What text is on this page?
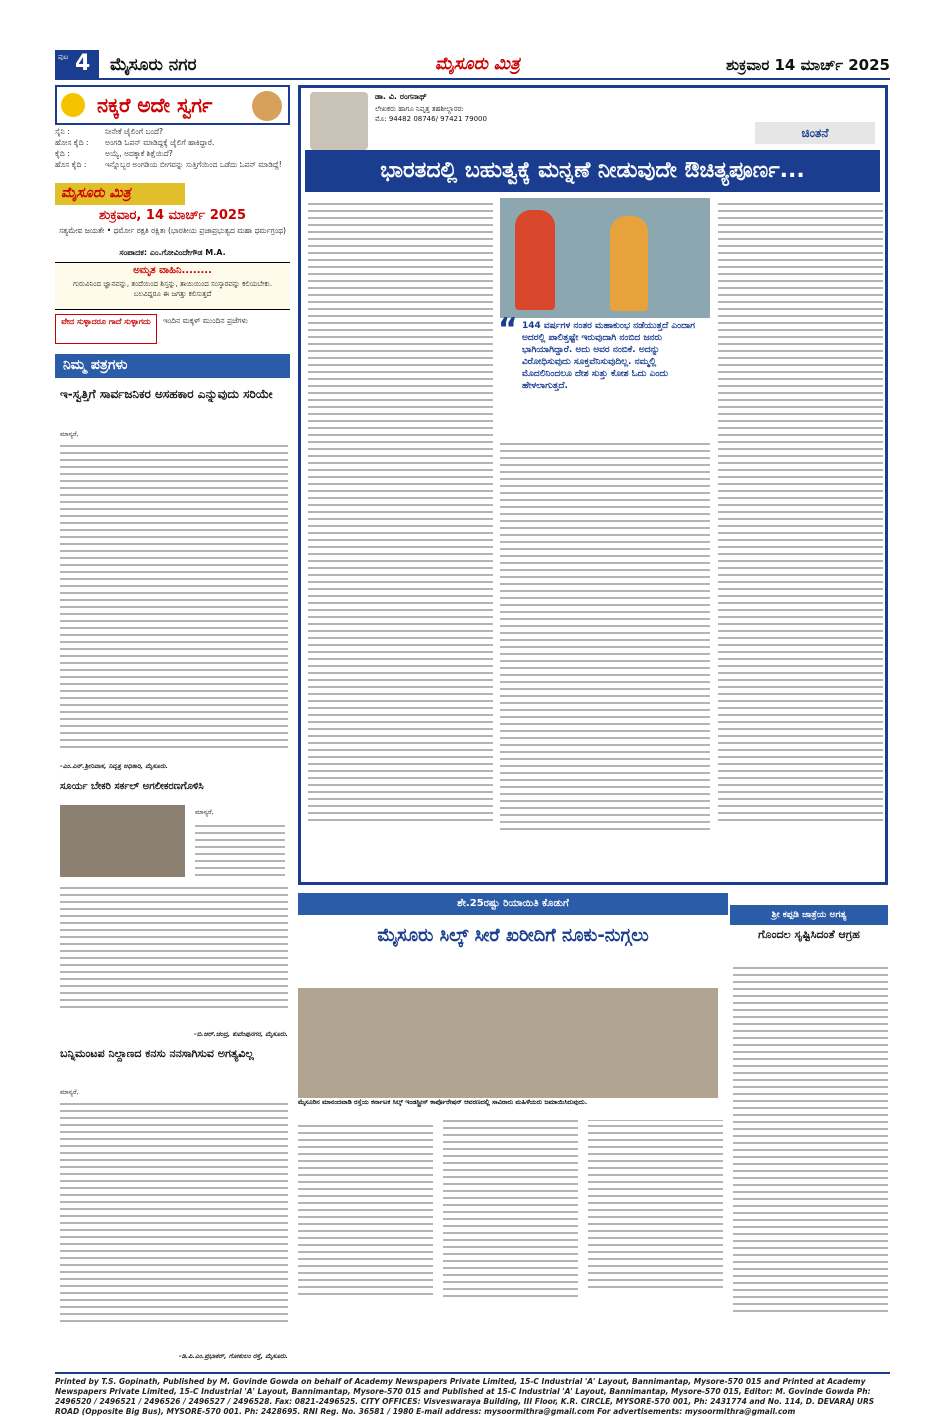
ಪುಟ 4 ಮೈಸೂರು ನಗರ	ಮೈಸೂರು ಮಿತ್ರ	ಶುಕ್ರವಾರ 14 ಮಾರ್ಚ್ 2025
ನಕ್ಕರೆ ಅದೇ ಸ್ವರ್ಗ
ಸೈನಿ :	ನೀನೇಕೆ ಜೈಲಿಂಗೆ ಬಂದೆ?
ಹೋಸ ಕೈದಿ :	ಅಂಗಡಿ ಓಪನ್ ಮಾಡಿದ್ದಕ್ಕೆ ಜೈಲಿಗೆ ಹಾಕಿದ್ದಾರೆ.
ಕೈದಿ :	ಅಯ್ಯೆ, ಅದಕ್ಕಾಕೆ ಶಿಕ್ಷೆಯಿದೆ?
ಹೊಸ ಕೈದಿ :	ಇನ್ನೊಬ್ಬರ ಅಂಗಡಿಯ ಬೀಗವನ್ನು ಸುತ್ತಿಗೆಯಿಂದ ಒಡೆದು ಓಪನ್ ಮಾಡಿದ್ದೆ!
ಮೈಸೂರು ಮಿತ್ರ
ಶುಕ್ರವಾರ, 14 ಮಾರ್ಚ್ 2025
ಸತ್ಯಮೇವ ಜಯತೇ • ಧರ್ಮೋ ರಕ್ಷತಿ ರಕ್ಷಿತಃ (ಭಾರತೀಯ ಪ್ರಜಾಪ್ರಭುತ್ವದ ಮಹಾ ಧರ್ಮಗ್ರಂಥ)
ಸಂಪಾದಕ: ಎಂ.ಗೋವಿಂದೇಗೌಡ M.A.
ಅಮೃತ ವಾಹಿನಿ........
ಗುರುವಿನಿಂದ ಜ್ಞಾನವನ್ನು, ತಂದೆಯಿಂದ ಶಿಸ್ತನ್ನು, ತಾಯಿಯಿಂದ ಸಂಸ್ಕಾರವನ್ನು ಕಲಿಯಬೇಕು. ಬಲವಿದ್ದರೂ ಈ ಜಗತ್ತು ಕಲಿಸುತ್ತದೆ
ವೇದ ಸುಳ್ಳಾದರೂ ಗಾದೆ ಸುಳ್ಳಾಗದು	ಇಂದಿನ ಮಕ್ಕಳ್ ಮುಂದಿನ ಪ್ರಜೆಗಳು
ನಿಮ್ಮ ಪತ್ರಗಳು
ಇ-ಸ್ವತ್ತಿಗೆ ಸಾರ್ವಜನಿಕರ ಅಸಹಕಾರ ಎನ್ನುವುದು ಸರಿಯೇ
ಮಾನ್ಯರೆ,
-ಎಂ.ಎನ್.ಶ್ರೀನಿವಾಸ, ನಿವೃತ್ತ ಅಧಿಕಾರಿ, ಮೈಸೂರು.
ಸೂರ್ಯ ಬೇಕರಿ ಸರ್ಕಲ್ ಅಗಲೀಕರಣಗೊಳಿಸಿ
ಮಾನ್ಯರೆ,
-ಬಿ.ಆರ್.ಚಂದ್ರ, ಕುವೆಂಪುನಗರ, ಮೈಸೂರು.
ಬನ್ನಿಮಂಟಪ ನಿಲ್ದಾಣದ ಕನಸು ನನಸಾಗಿಸುವ ಅಗತ್ಯವಿಲ್ಲ
ಮಾನ್ಯರೆ,
-ಡಿ.ಪಿ.ಎಂ.ಪ್ರಭಾಕರ್, ಗೋಕುಲಂ ರಸ್ತೆ, ಮೈಸೂರು.
ಡಾ. ವಿ. ರಂಗನಾಥ್
ಲೇಖಕರು ಹಾಗೂ ನಿವೃತ್ತ ತಹಶೀಲ್ದಾರರು
ಮೊ: 94482 08746/ 97421 79000
ಚಿಂತನೆ
ಭಾರತದಲ್ಲಿ ಬಹುತ್ವಕ್ಕೆ ಮನ್ನಣೆ ನೀಡುವುದೇ ಔಚಿತ್ಯಪೂರ್ಣ...
“ 144 ವರ್ಷಗಳ ನಂತರ ಮಹಾಕುಂಭ ನಡೆಯುತ್ತದೆ ಎಂದಾಗ ಅದರಲ್ಲಿ ಪಾಲಿತ್ತಷ್ಟೇ ಇರುವುದಾಗಿ ನಂಬಿದ ಜನರು ಭಾಗಿಯಾಗಿದ್ದಾರೆ. ಅದು ಅವರ ನಂಬಿಕೆ. ಅದನ್ನು ವಿರೋಧಿಸುವುದು ಸೂಕ್ತವೆನಿಸುವುದಿಲ್ಲ. ನಮ್ಮಲ್ಲಿ ಮೊದಲಿನಿಂದಲೂ ದೇಶ ಸುತ್ತು ಕೋಶ ಓದು ಎಂದು ಹೇಳಲಾಗುತ್ತದೆ.
ಶೇ.25ರಷ್ಟು ರಿಯಾಯಿತಿ ಕೊಡುಗೆ
ಮೈಸೂರು ಸಿಲ್ಕ್ ಸೀರೆ ಖರೀದಿಗೆ ನೂಕು-ನುಗ್ಗಲು
ಮೈಸೂರಿನ ಮಾನಂದವಾಡಿ ರಸ್ತೆಯ ಕರ್ನಾಟಕ ಸಿಲ್ಕ್ ಇಂಡಸ್ಟ್ರೀಸ್ ಕಾರ್ಪೊರೇಷನ್ ಆವರಣದಲ್ಲಿ ಸಾವಿರಾರು ಮಹಿಳೆಯರು ಜಮಾಯಿಸಿರುವುದು.
ಶ್ರೀ ಕಪ್ಪಡಿ ಜಾತ್ರೆಯ ಅಗತ್ಯ
ಗೊಂದಲ ಸೃಷ್ಟಿಸಿದಂತೆ ಆಗ್ರಹ
Printed by T.S. Gopinath, Published by M. Govinde Gowda on behalf of Academy Newspapers Private Limited, 15-C Industrial 'A' Layout, Bannimantap, Mysore-570 015 and Printed at Academy Newspapers Private Limited, 15-C Industrial 'A' Layout, Bannimantap, Mysore-570 015 and Published at 15-C Industrial 'A' Layout, Bannimantap, Mysore-570 015, Editor: M. Govinde Gowda Ph: 2496520 / 2496521 / 2496526 / 2496527 / 2496528. Fax: 0821-2496525. CITY OFFICES: Visveswaraya Building, III Floor, K.R. CIRCLE, MYSORE-570 001, Ph: 2431774 and No. 114, D. DEVARAJ URS ROAD (Opposite Big Bus), MYSORE-570 001. Ph: 2428695. RNI Reg. No. 36581 / 1980 E-mail address: mysoormithra@gmail.com For advertisements: mysoormithra@gmail.com
